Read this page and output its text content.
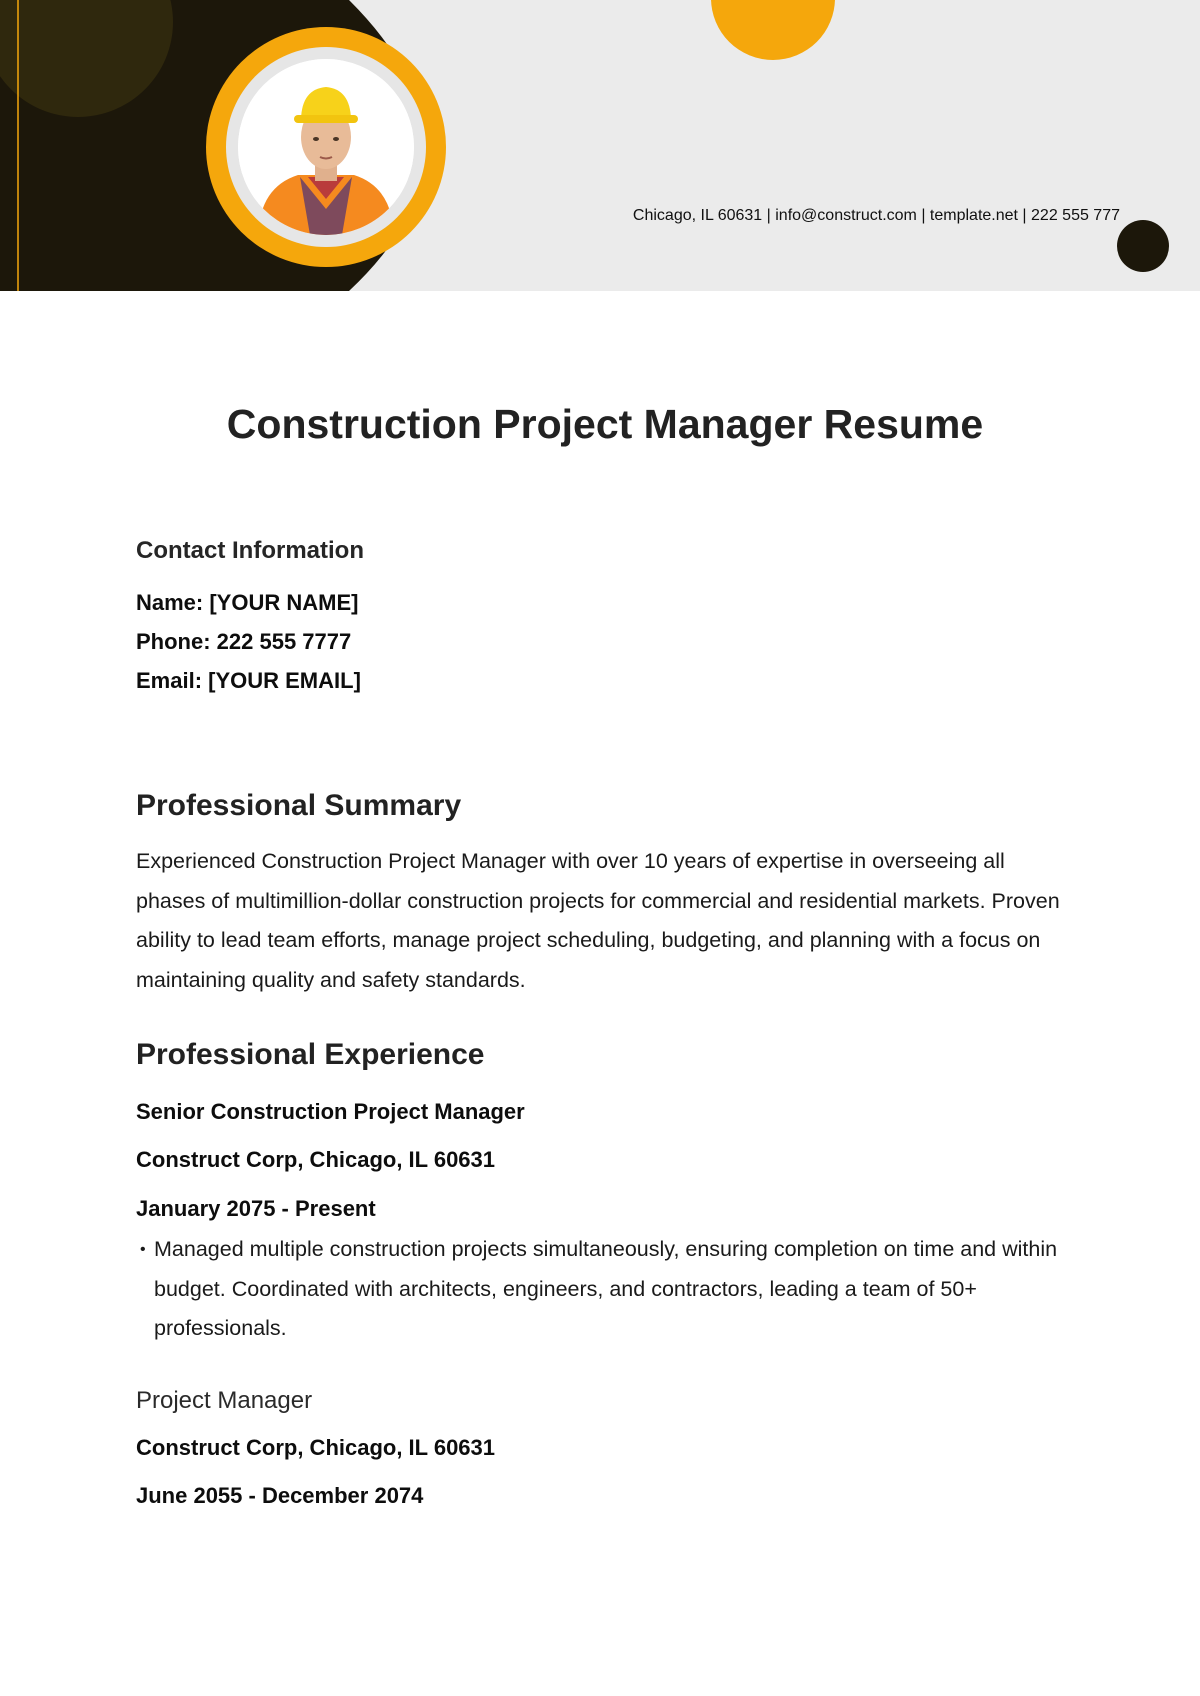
Chicago, IL 60631 | info@construct.com | template.net | 222 555 777
Construction Project Manager Resume
Contact Information
Name: [YOUR NAME]
Phone: 222 555 7777
Email: [YOUR EMAIL]
Professional Summary

Experienced Construction Project Manager with over 10 years of expertise in overseeing all phases of multimillion-dollar construction projects for commercial and residential markets. Proven ability to lead team efforts, manage project scheduling, budgeting, and planning with a focus on maintaining quality and safety standards.

Professional Experience
Senior Construction Project Manager
Construct Corp, Chicago, IL 60631
January 2075 - Present
• Managed multiple construction projects simultaneously, ensuring completion on time and within budget. Coordinated with architects, engineers, and contractors, leading a team of 50+ professionals.
Project Manager
Construct Corp, Chicago, IL 60631
June 2055 - December 2074
